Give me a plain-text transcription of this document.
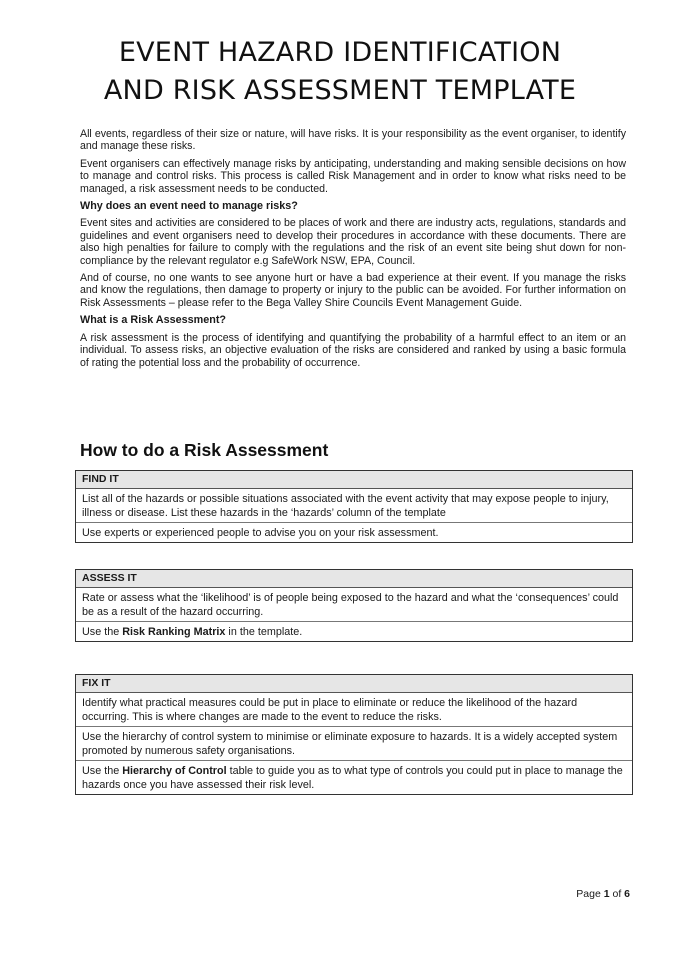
EVENT HAZARD IDENTIFICATION
AND RISK ASSESSMENT TEMPLATE

All events, regardless of their size or nature, will have risks. It is your responsibility as the event organiser, to identify and manage these risks.

Event organisers can effectively manage risks by anticipating, understanding and making sensible decisions on how to manage and control risks. This process is called Risk Management and in order to know what risks need to be managed, a risk assessment needs to be conducted.

Why does an event need to manage risks?

Event sites and activities are considered to be places of work and there are industry acts, regulations, standards and guidelines and event organisers need to develop their procedures in accordance with these documents. There are also high penalties for failure to comply with the regulations and the risk of an event site being shut down for non-compliance by the relevant regulator e.g SafeWork NSW, EPA, Council.

And of course, no one wants to see anyone hurt or have a bad experience at their event. If you manage the risks and know the regulations, then damage to property or injury to the public can be avoided. For further information on Risk Assessments – please refer to the Bega Valley Shire Councils Event Management Guide.

What is a Risk Assessment?

A risk assessment is the process of identifying and quantifying the probability of a harmful effect to an item or an individual. To assess risks, an objective evaluation of the risks are considered and ranked by using a basic formula of rating the potential loss and the probability of occurrence.

How to do a Risk Assessment
FIND IT
List all of the hazards or possible situations associated with the event activity that may expose people to injury, illness or disease. List these hazards in the ‘hazards’ column of the template
Use experts or experienced people to advise you on your risk assessment.
ASSESS IT
Rate or assess what the ‘likelihood’ is of people being exposed to the hazard and what the ‘consequences’ could be as a result of the hazard occurring.
Use the Risk Ranking Matrix in the template.
FIX IT
Identify what practical measures could be put in place to eliminate or reduce the likelihood of the hazard occurring. This is where changes are made to the event to reduce the risks.
Use the hierarchy of control system to minimise or eliminate exposure to hazards. It is a widely accepted system promoted by numerous safety organisations.
Use the Hierarchy of Control table to guide you as to what type of controls you could put in place to manage the hazards once you have assessed their risk level.
Page 1 of 6
